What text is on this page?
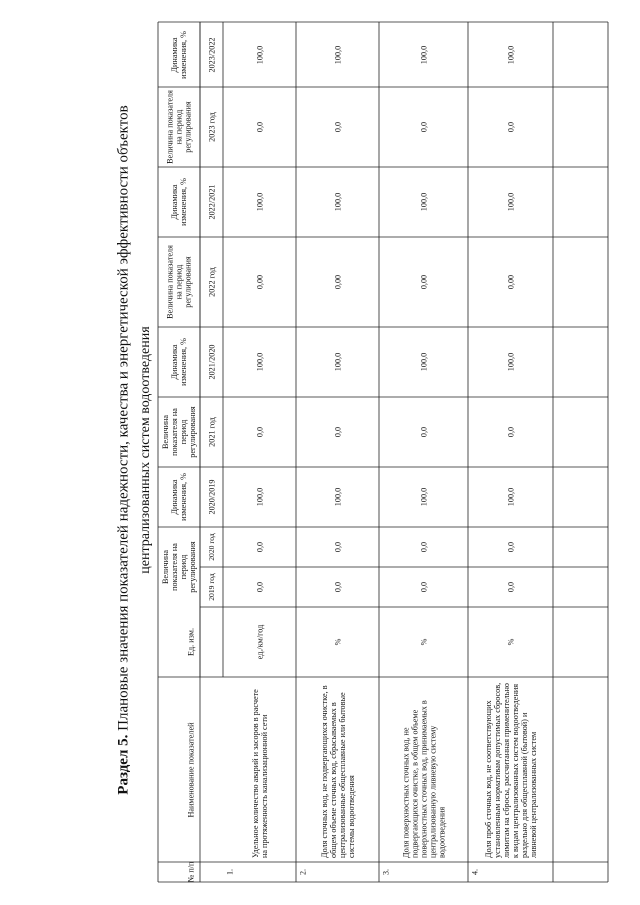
Раздел 5. Плановые значения показателей надежности, качества и энергетической эффективности объектов централизованных систем водоотведения
№ п/п
Наименование показателей
Ед. изм.
Величина показателя на период регулирования 2019 год
2020 год
Динамика изменения, % 2020/2019
Величина показателя на период регулирования 2021 год
Динамика изменения, % 2021/2020
Величина показателя на период регулирования 2022 год
Динамика изменения, % 2022/2021
Величина показателя на период регулирования 2023 год
Динамика изменения, % 2023/2022
1.
Удельное количество аварий и засоров в расчете на протяженность канализационной сети
ед./км/год
0,0
0,0
100,0
0,0
100,0
0,00
100,0
0,0
100,0
2.
Доля сточных вод, не подвергающихся очистке, в общем объеме сточных вод, сбрасываемых в централизованные общесплавные или бытовые системы водоотведения
%
0,0
0,0
100,0
0,0
100,0
0,00
100,0
0,0
100,0
3.
Доля поверхностных сточных вод, не подвергающихся очистке, в общем объеме поверхностных сточных вод, принимаемых в централизованную ливневую систему водоотведения
%
0,0
0,0
100,0
0,0
100,0
0,00
100,0
0,0
100,0
4.
Доля проб сточных вод, не соответствующих установленным нормативам допустимых сбросов, лимитам на сбросы, рассчитанная применительно к видам централизованных систем водоотведения раздельно для общесплавной (бытовой) и ливневой централизованных систем
%
0,0
0,0
100,0
0,0
100,0
0,00
100,0
0,0
100,0
